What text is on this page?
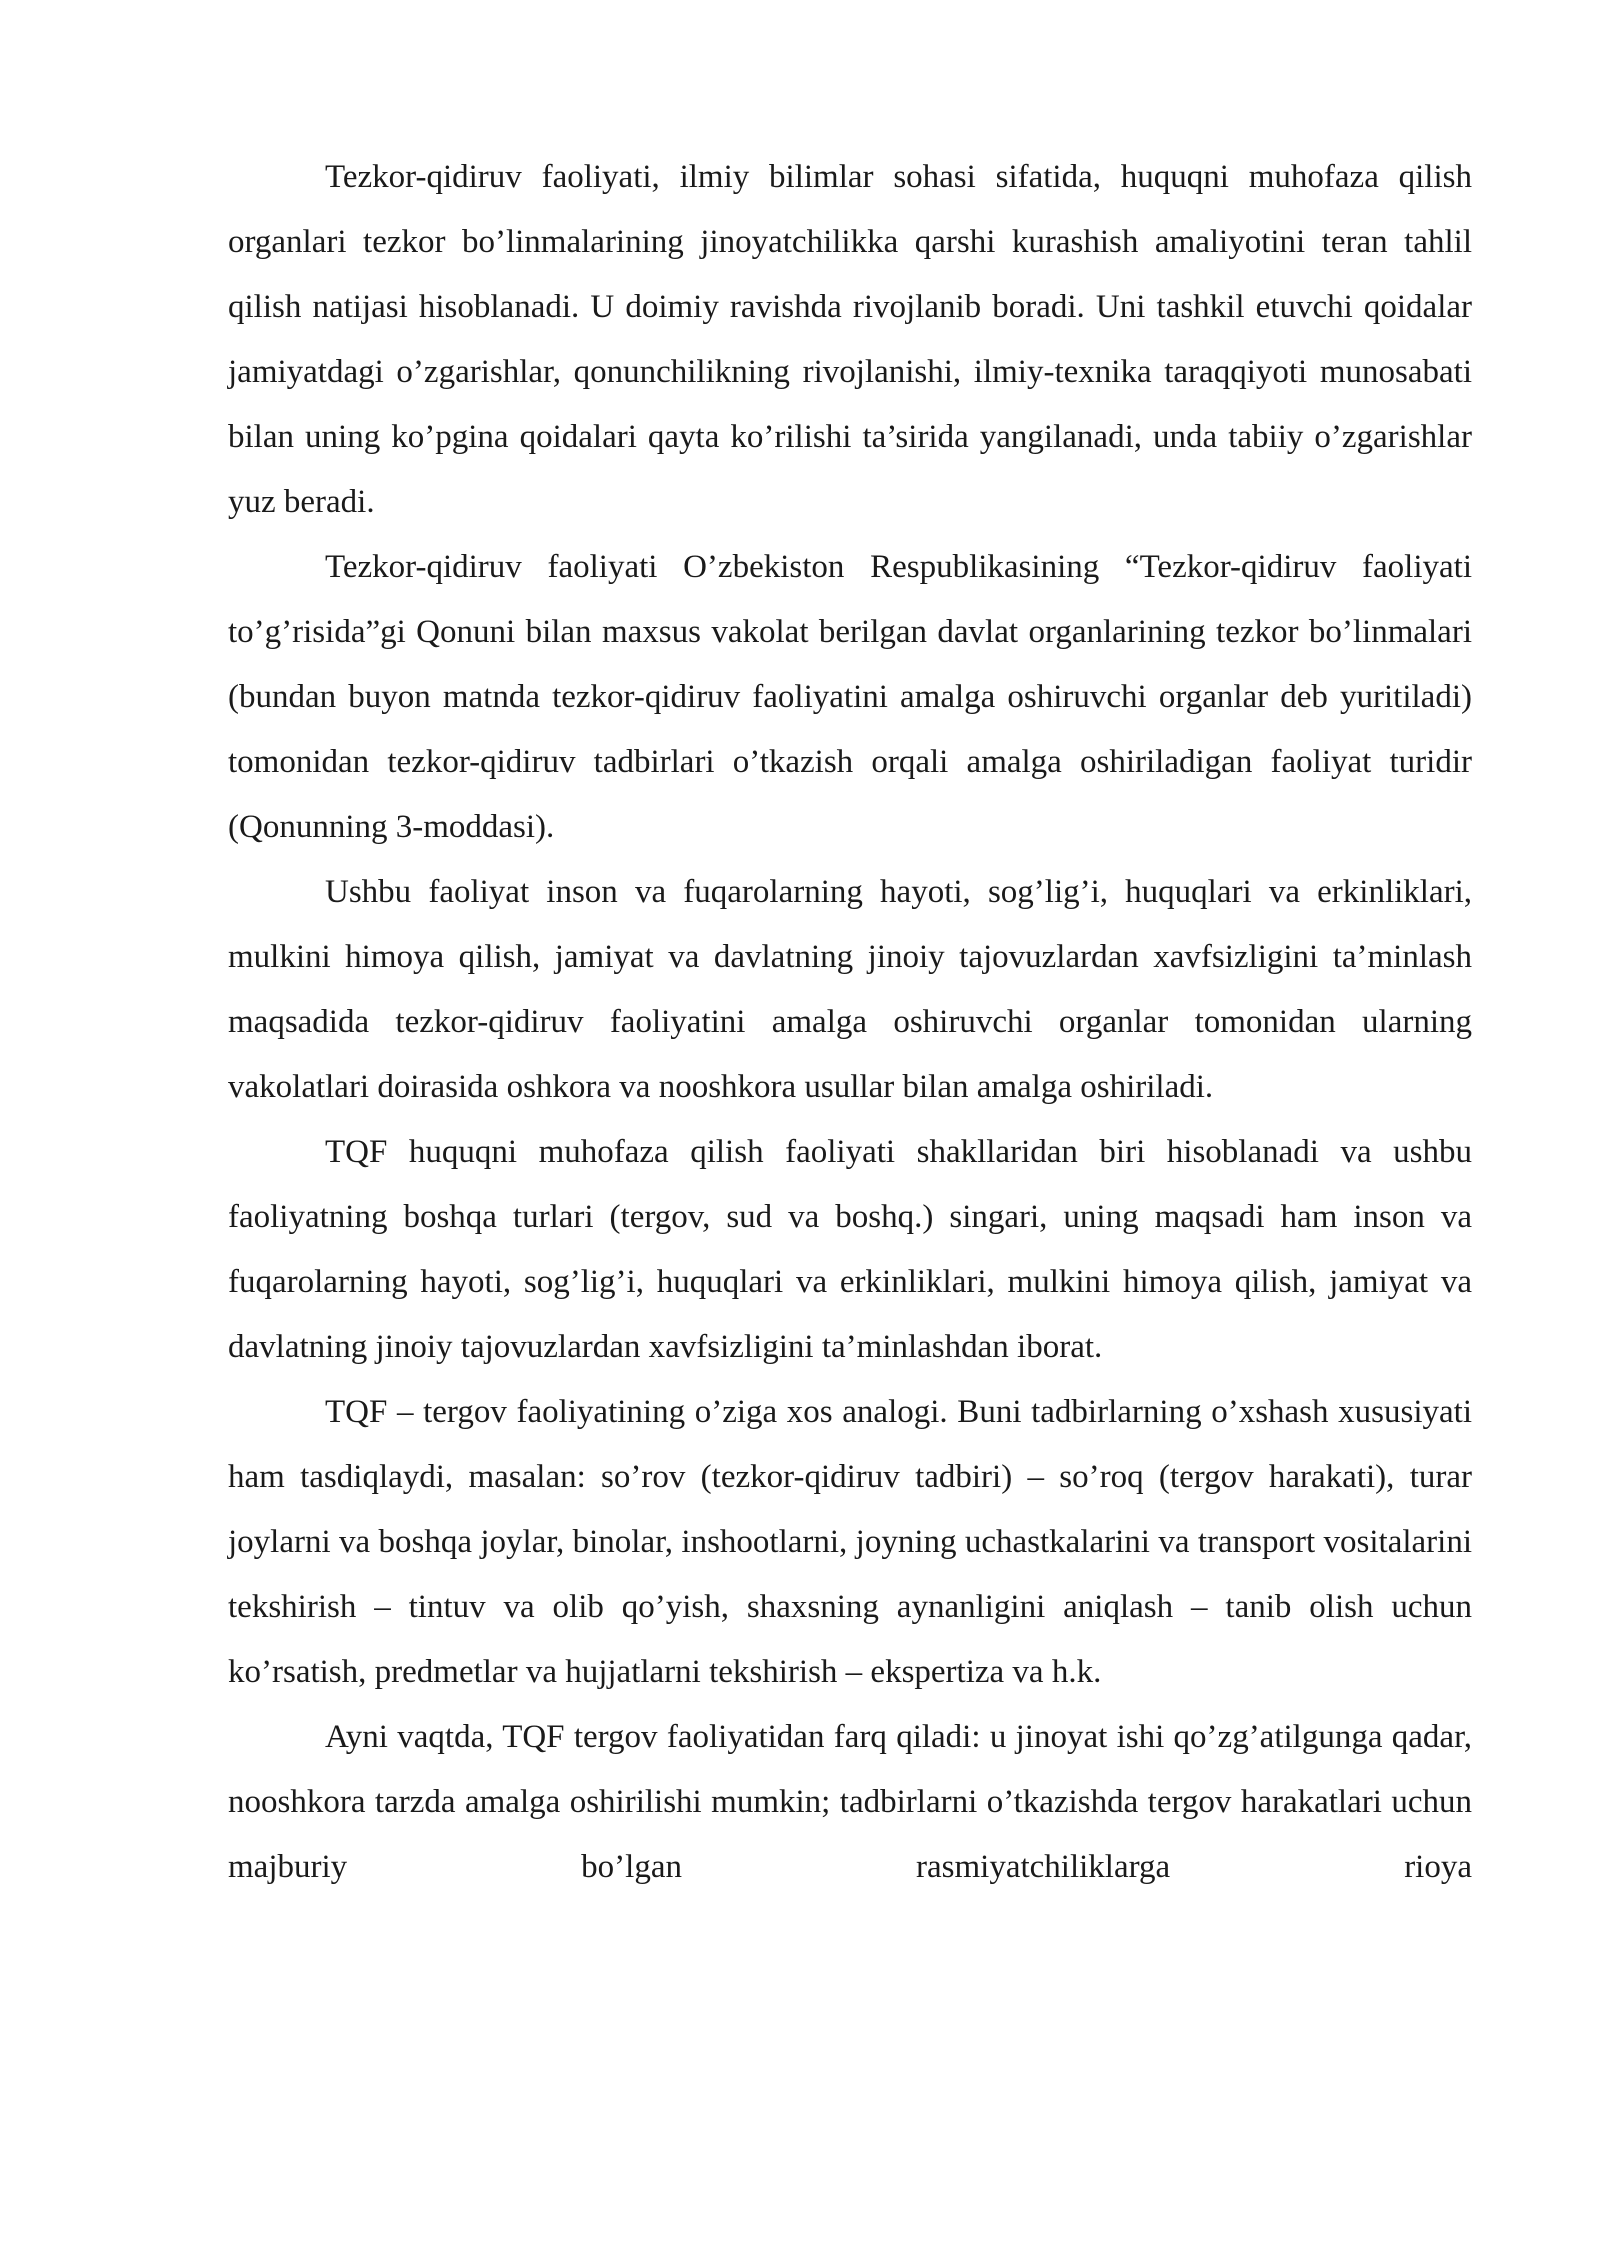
Tezkor-qidiruv faoliyati, ilmiy bilimlar sohasi sifatida, huquqni muhofaza qilish organlari tezkor bo’linmalarining jinoyatchilikka qarshi kurashish amaliyotini teran tahlil qilish natijasi hisoblanadi. U doimiy ravishda rivojlanib boradi. Uni tashkil etuvchi qoidalar jamiyatdagi o’zgarishlar, qonunchilikning rivojlanishi, ilmiy-texnika taraqqiyoti munosabati bilan uning ko’pgina qoidalari qayta ko’rilishi ta’sirida yangilanadi, unda tabiiy o’zgarishlar yuz beradi.

Tezkor-qidiruv faoliyati O’zbekiston Respublikasining “Tezkor-qidiruv faoliyati to’g’risida”gi Qonuni bilan maxsus vakolat berilgan davlat organlarining tezkor bo’linmalari (bundan buyon matnda tezkor-qidiruv faoliyatini amalga oshiruvchi organlar deb yuritiladi) tomonidan tezkor-qidiruv tadbirlari o’tkazish orqali amalga oshiriladigan faoliyat turidir (Qonunning 3-moddasi).

Ushbu faoliyat inson va fuqarolarning hayoti, sog’lig’i, huquqlari va erkinliklari, mulkini himoya qilish, jamiyat va davlatning jinoiy tajovuzlardan xavfsizligini ta’minlash maqsadida tezkor-qidiruv faoliyatini amalga oshiruvchi organlar tomonidan ularning vakolatlari doirasida oshkora va nooshkora usullar bilan amalga oshiriladi.

TQF huquqni muhofaza qilish faoliyati shakllaridan biri hisoblanadi va ushbu faoliyatning boshqa turlari (tergov, sud va boshq.) singari, uning maqsadi ham inson va fuqarolarning hayoti, sog’lig’i, huquqlari va erkinliklari, mulkini himoya qilish, jamiyat va davlatning jinoiy tajovuzlardan xavfsizligini ta’minlashdan iborat.

TQF – tergov faoliyatining o’ziga xos analogi. Buni tadbirlarning o’xshash xususiyati ham tasdiqlaydi, masalan: so’rov (tezkor-qidiruv tadbiri) – so’roq (tergov harakati), turar joylarni va boshqa joylar, binolar, inshootlarni, joyning uchastkalarini va transport vositalarini tekshirish – tintuv va olib qo’yish, shaxsning aynanligini aniqlash – tanib olish uchun ko’rsatish, predmetlar va hujjatlarni tekshirish – ekspertiza va h.k.

Ayni vaqtda, TQF tergov faoliyatidan farq qiladi: u jinoyat ishi qo’zg’atilgunga qadar, nooshkora tarzda amalga oshirilishi mumkin; tadbirlarni o’tkazishda tergov harakatlari uchun majburiy bo’lgan rasmiyatchiliklarga rioya
